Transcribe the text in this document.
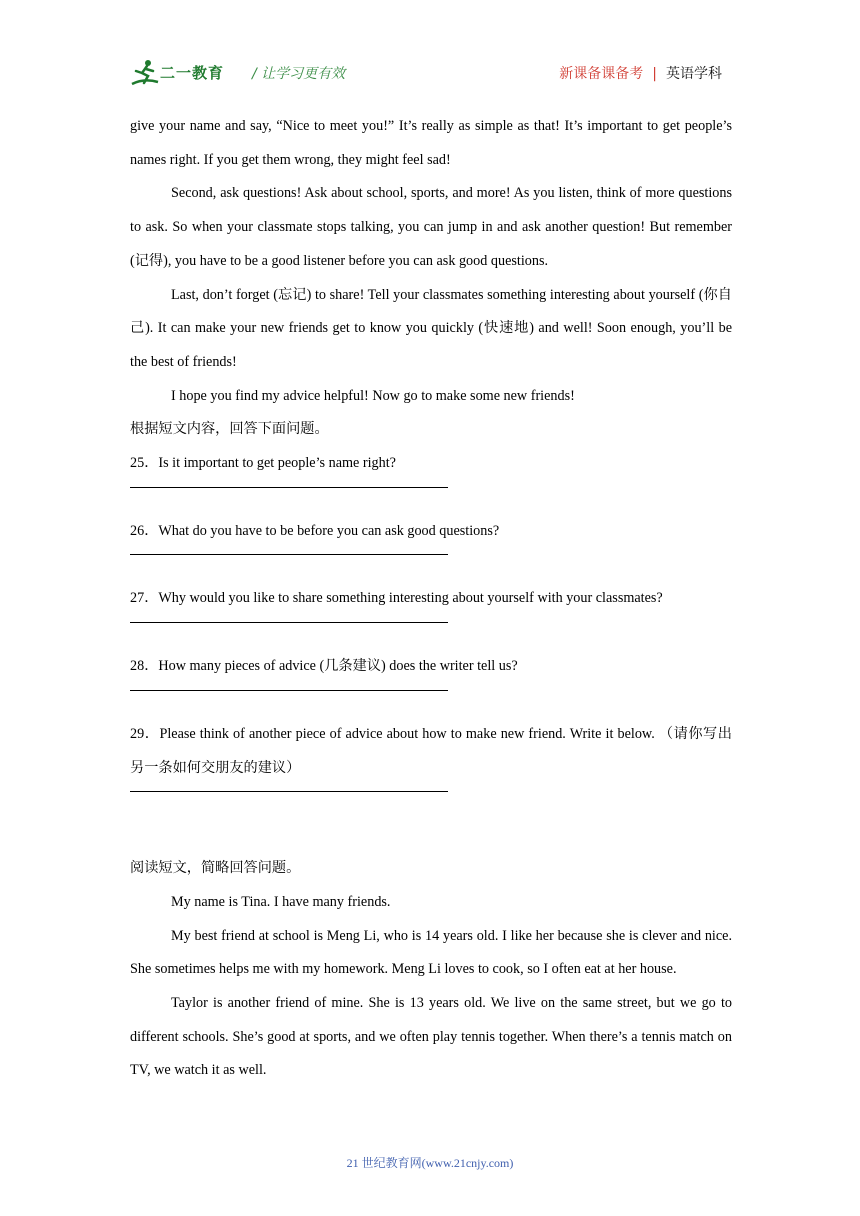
二一教育 / 让学习更有效	新课备课备考 | 英语学科

give your name and say, “Nice to meet you!” It’s really as simple as that! It’s important to get people’s names right. If you get them wrong, they might feel sad!

Second, ask questions! Ask about school, sports, and more! As you listen, think of more questions to ask. So when your classmate stops talking, you can jump in and ask another question! But remember (记得), you have to be a good listener before you can ask good questions.

Last, don’t forget (忘记) to share! Tell your classmates something interesting about yourself (你自己). It can make your new friends get to know you quickly (快速地) and well! Soon enough, you’ll be the best of friends!

I hope you find my advice helpful! Now go to make some new friends!

根据短文内容，回答下面问题。

25．Is it important to get people’s name right?

26．What do you have to be before you can ask good questions?

27．Why would you like to share something interesting about yourself with your classmates?

28．How many pieces of advice (几条建议) does the writer tell us?

29．Please think of another piece of advice about how to make new friend. Write it below. （请你写出另一条如何交朋友的建议）

阅读短文，简略回答问题。

My name is Tina. I have many friends.

My best friend at school is Meng Li, who is 14 years old. I like her because she is clever and nice. She sometimes helps me with my homework. Meng Li loves to cook, so I often eat at her house.

Taylor is another friend of mine. She is 13 years old. We live on the same street, but we go to different schools. She’s good at sports, and we often play tennis together. When there’s a tennis match on TV, we watch it as well.

21 世纪教育网(www.21cnjy.com)
